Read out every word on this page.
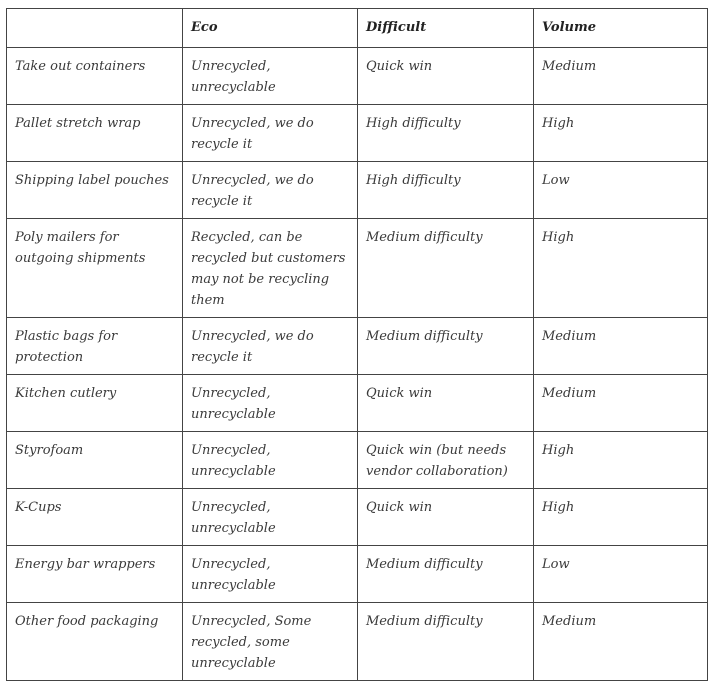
	Eco	Difficult	Volume
Take out containers	Unrecycled, unrecyclable	Quick win	Medium
Pallet stretch wrap	Unrecycled, we do recycle it	High difficulty	High
Shipping label pouches	Unrecycled, we do recycle it	High difficulty	Low
Poly mailers for outgoing shipments	Recycled, can be recycled but customers may not be recycling them	Medium difficulty	High
Plastic bags for protection	Unrecycled, we do recycle it	Medium difficulty	Medium
Kitchen cutlery	Unrecycled, unrecyclable	Quick win	Medium
Styrofoam	Unrecycled, unrecyclable	Quick win (but needs vendor collaboration)	High
K-Cups	Unrecycled, unrecyclable	Quick win	High
Energy bar wrappers	Unrecycled, unrecyclable	Medium difficulty	Low
Other food packaging	Unrecycled, Some recycled, some unrecyclable	Medium difficulty	Medium
